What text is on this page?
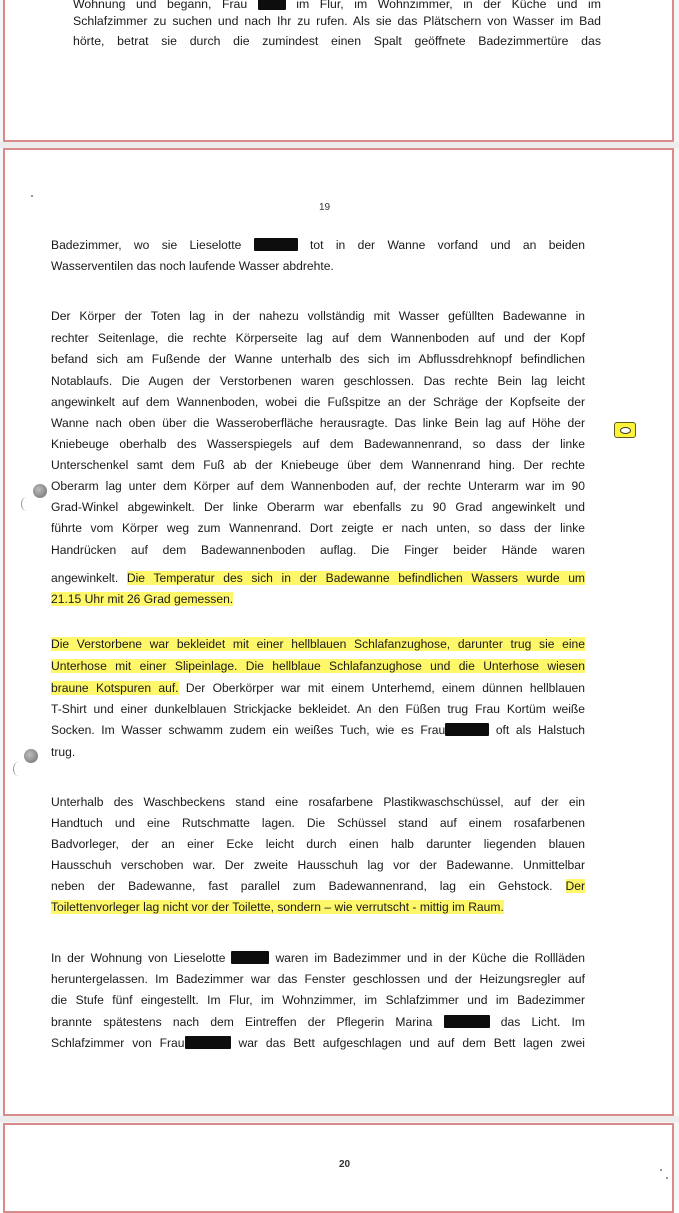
Wohnung und begann, Frau  im Flur, im Wohnzimmer, in der Küche und im
Schlafzimmer zu suchen und nach Ihr zu rufen. Als sie das Plätschern von Wasser im Bad
hörte, betrat sie durch die zumindest einen Spalt geöffnete Badezimmertüre das
19
Badezimmer, wo sie Lieselotte	tot in der Wanne vorfand und an beiden
Wasserventilen das noch laufende Wasser abdrehte.
Der Körper der Toten lag in der nahezu vollständig mit Wasser gefüllten Badewanne in
rechter Seitenlage, die rechte Körperseite lag auf dem Wannenboden auf und der Kopf
befand sich am Fußende der Wanne unterhalb des sich im Abflussdrehknopf befindlichen
Notablaufs. Die Augen der Verstorbenen waren geschlossen. Das rechte Bein lag leicht
angewinkelt auf dem Wannenboden, wobei die Fußspitze an der Schräge der Kopfseite der
Wanne nach oben über die Wasseroberfläche herausragte. Das linke Bein lag auf Höhe der
Kniebeuge oberhalb des Wasserspiegels auf dem Badewannenrand, so dass der linke
Unterschenkel samt dem Fuß ab der Kniebeuge über dem Wannenrand hing. Der rechte
Oberarm lag unter dem Körper auf dem Wannenboden auf, der rechte Unterarm war im 90
Grad-Winkel abgewinkelt. Der linke Oberarm war ebenfalls zu 90 Grad angewinkelt und
führte vom Körper weg zum Wannenrand. Dort zeigte er nach unten, so dass der linke
Handrücken auf dem Badewannenboden auflag. Die Finger beider Hände waren
angewinkelt. Die Temperatur des sich in der Badewanne befindlichen Wassers wurde um
21.15 Uhr mit 26 Grad gemessen.
Die Verstorbene war bekleidet mit einer hellblauen Schlafanzughose, darunter trug sie eine
Unterhose mit einer Slipeinlage. Die hellblaue Schlafanzughose und die Unterhose wiesen
braune Kotspuren auf. Der Oberkörper war mit einem Unterhemd, einem dünnen hellblauen
T-Shirt und einer dunkelblauen Strickjacke bekleidet. An den Füßen trug Frau Kortüm weiße
Socken. Im Wasser schwamm zudem ein weißes Tuch, wie es Frau	oft als Halstuch
trug.
Unterhalb des Waschbeckens stand eine rosafarbene Plastikwaschschüssel, auf der ein
Handtuch und eine Rutschmatte lagen. Die Schüssel stand auf einem rosafarbenen
Badvorleger, der an einer Ecke leicht durch einen halb darunter liegenden blauen
Hausschuh verschoben war. Der zweite Hausschuh lag vor der Badewanne. Unmittelbar
neben der Badewanne, fast parallel zum Badewannenrand, lag ein Gehstock. Der
Toilettenvorleger lag nicht vor der Toilette, sondern – wie verrutscht - mittig im Raum.
In der Wohnung von Lieselotte	waren im Badezimmer und in der Küche die Rollläden
heruntergelassen. Im Badezimmer war das Fenster geschlossen und der Heizungsregler auf
die Stufe fünf eingestellt. Im Flur, im Wohnzimmer, im Schlafzimmer und im Badezimmer
brannte spätestens nach dem Eintreffen der Pflegerin Marina	das Licht. Im
Schlafzimmer von Frau	war das Bett aufgeschlagen und auf dem Bett lagen zwei
20
